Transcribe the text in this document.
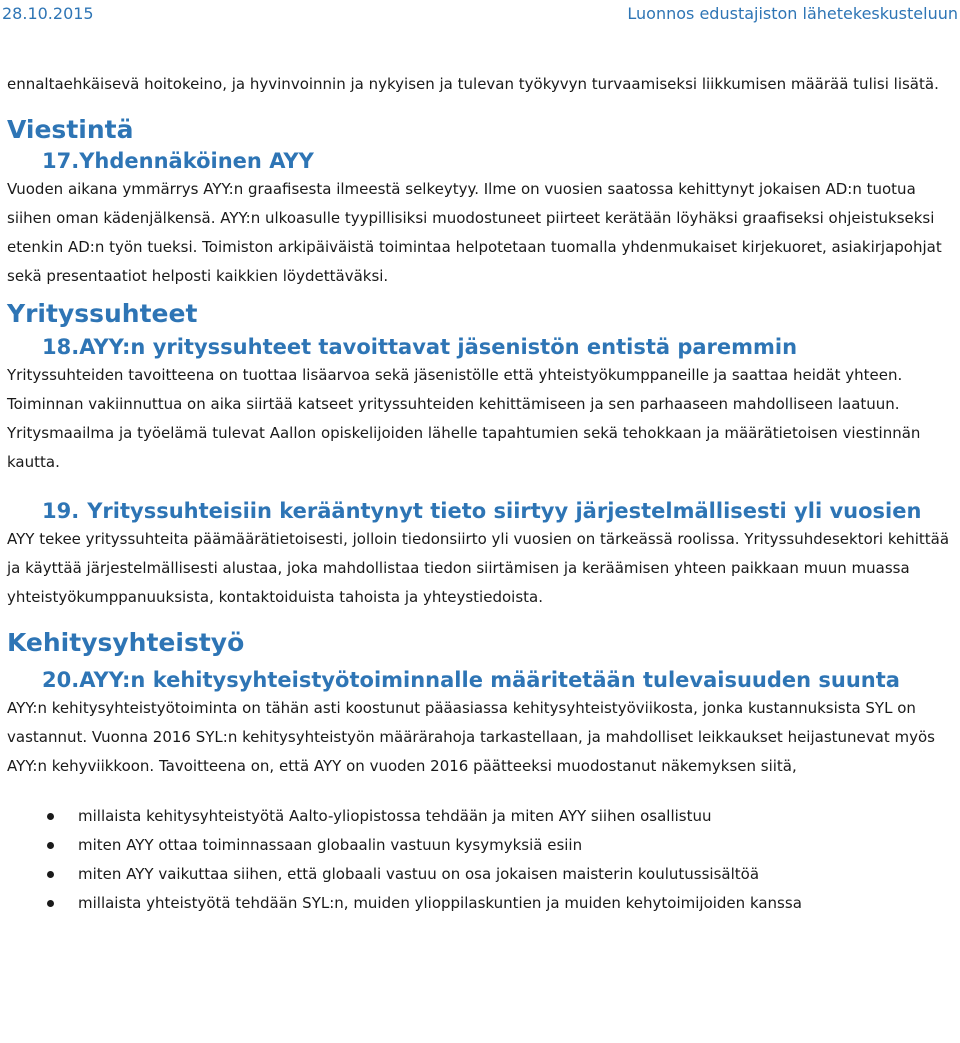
28.10.2015	Luonnos edustajiston lähetekeskusteluun

ennaltaehkäisevä hoitokeino, ja hyvinvoinnin ja nykyisen ja tulevan työkyvyn turvaamiseksi liikkumisen määrää tulisi lisätä.

Viestintä
17.Yhdennäköinen AYY

Vuoden aikana ymmärrys AYY:n graafisesta ilmeestä selkeytyy. Ilme on vuosien saatossa kehittynyt jokaisen AD:n tuotua siihen oman kädenjälkensä. AYY:n ulkoasulle tyypillisiksi muodostuneet piirteet kerätään löyhäksi graafiseksi ohjeistukseksi etenkin AD:n työn tueksi. Toimiston arkipäiväistä toimintaa helpotetaan tuomalla yhdenmukaiset kirjekuoret, asiakirjapohjat sekä presentaatiot helposti kaikkien löydettäväksi.

Yrityssuhteet
18.AYY:n yrityssuhteet tavoittavat jäsenistön entistä paremmin

Yrityssuhteiden tavoitteena on tuottaa lisäarvoa sekä jäsenistölle että yhteistyökumppaneille ja saattaa heidät yhteen. Toiminnan vakiinnuttua on aika siirtää katseet yrityssuhteiden kehittämiseen ja sen parhaaseen mahdolliseen laatuun. Yritysmaailma ja työelämä tulevat Aallon opiskelijoiden lähelle tapahtumien sekä tehokkaan ja määrätietoisen viestinnän kautta.

19. Yrityssuhteisiin kerääntynyt tieto siirtyy järjestelmällisesti yli vuosien

AYY tekee yrityssuhteita päämäärätietoisesti, jolloin tiedonsiirto yli vuosien on tärkeässä roolissa. Yrityssuhdesektori kehittää ja käyttää järjestelmällisesti alustaa, joka mahdollistaa tiedon siirtämisen ja keräämisen yhteen paikkaan muun muassa yhteistyökumppanuuksista, kontaktoiduista tahoista ja yhteystiedoista.

Kehitysyhteistyö
20.AYY:n kehitysyhteistyötoiminnalle määritetään tulevaisuuden suunta

AYY:n kehitysyhteistyötoiminta on tähän asti koostunut pääasiassa kehitysyhteistyöviikosta, jonka kustannuksista SYL on vastannut. Vuonna 2016 SYL:n kehitysyhteistyön määrärahoja tarkastellaan, ja mahdolliset leikkaukset heijastunevat myös AYY:n kehyviikkoon. Tavoitteena on, että AYY on vuoden 2016 päätteeksi muodostanut näkemyksen siitä,

millaista kehitysyhteistyötä Aalto-yliopistossa tehdään ja miten AYY siihen osallistuu
miten AYY ottaa toiminnassaan globaalin vastuun kysymyksiä esiin
miten AYY vaikuttaa siihen, että globaali vastuu on osa jokaisen maisterin koulutussisältöä
millaista yhteistyötä tehdään SYL:n, muiden ylioppilaskuntien ja muiden kehytoimijoiden kanssa
